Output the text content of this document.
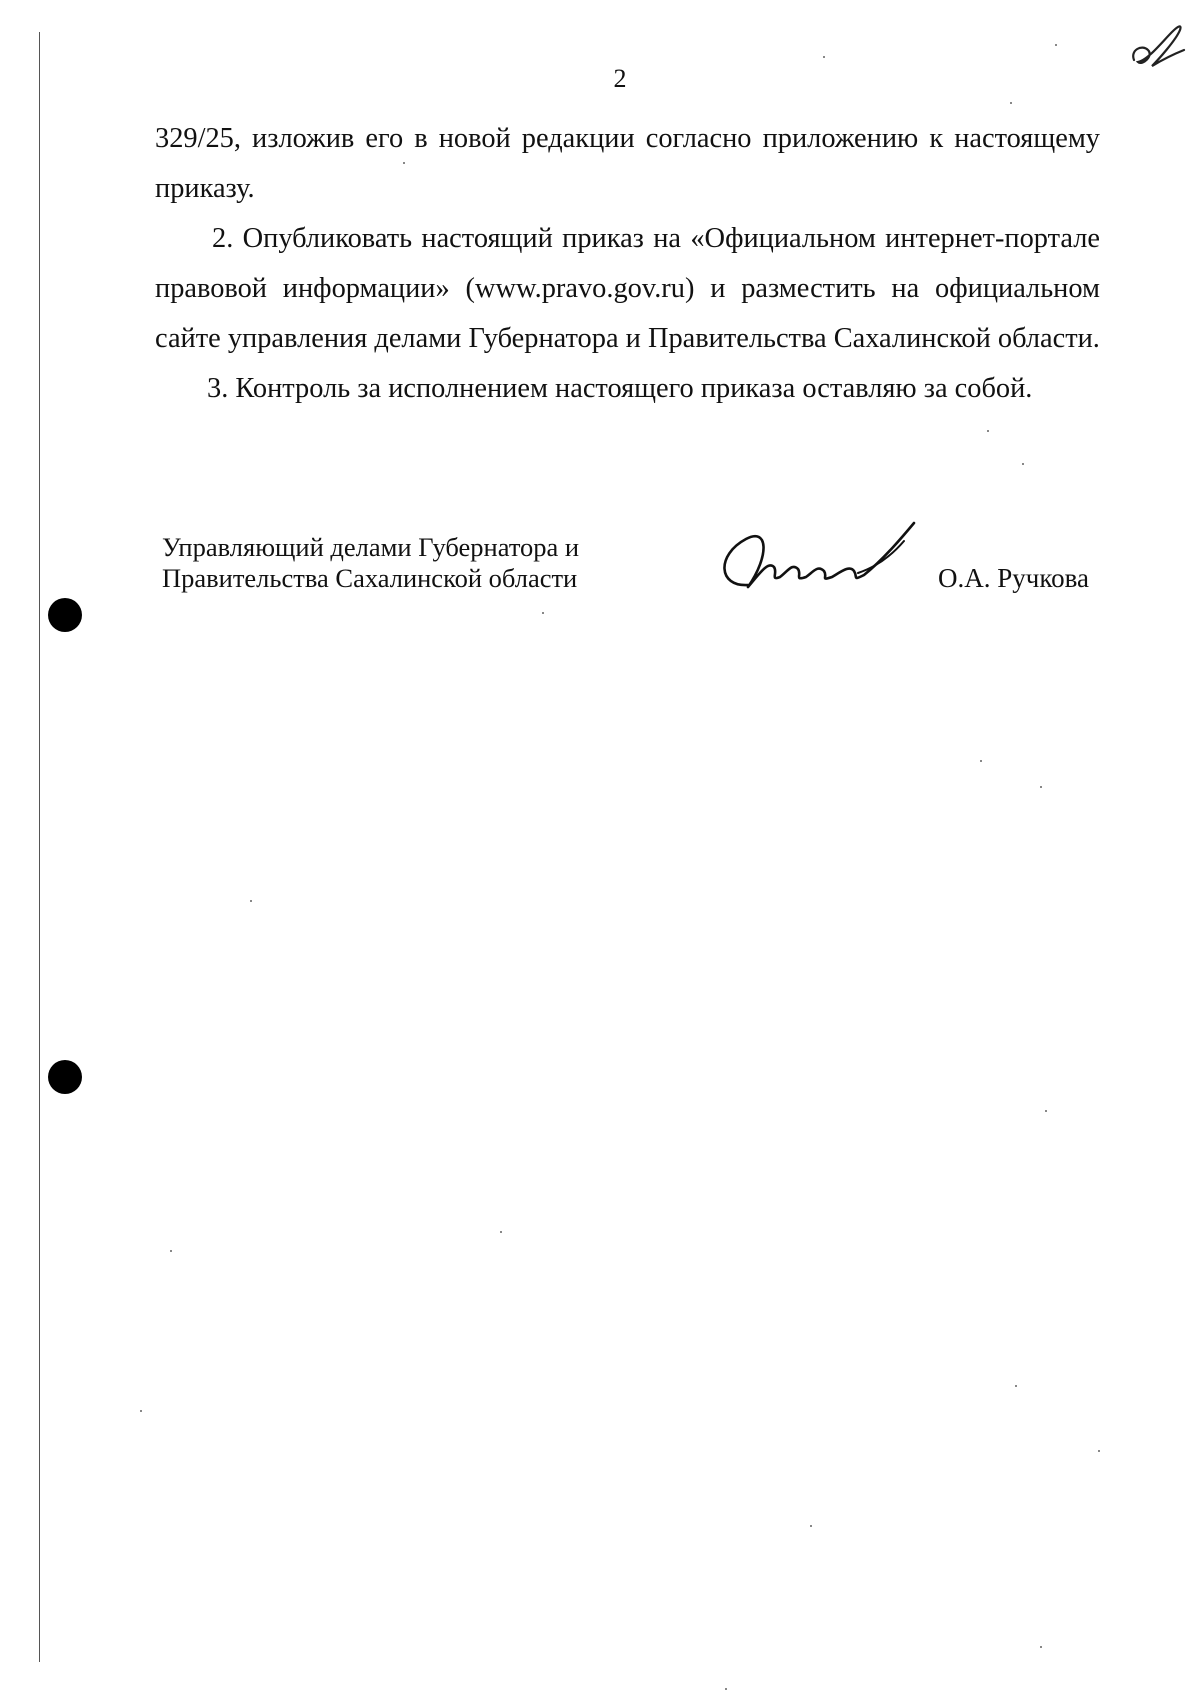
2

329/25, изложив его в новой редакции согласно приложению к настоящему приказу.

2. Опубликовать настоящий приказ на «Официальном интернет-портале правовой информации» (www.pravo.gov.ru) и разместить на официальном сайте управления делами Губернатора и Правительства Сахалинской области.

3. Контроль за исполнением настоящего приказа оставляю за собой.

Управляющий делами Губернатора и

Правительства Сахалинской области	О.А. Ручкова
